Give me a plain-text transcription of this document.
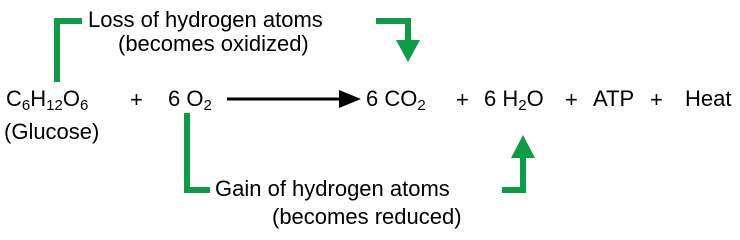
Loss of hydrogen atoms
(becomes oxidized)
$C_6H_{12}O_6$
(Glucose)
+ 6 $O_2$	6 $CO_2 + 6$ $H_2O$ + ATP + Heat
Gain of hydrogen atoms
(becomes reduced)
